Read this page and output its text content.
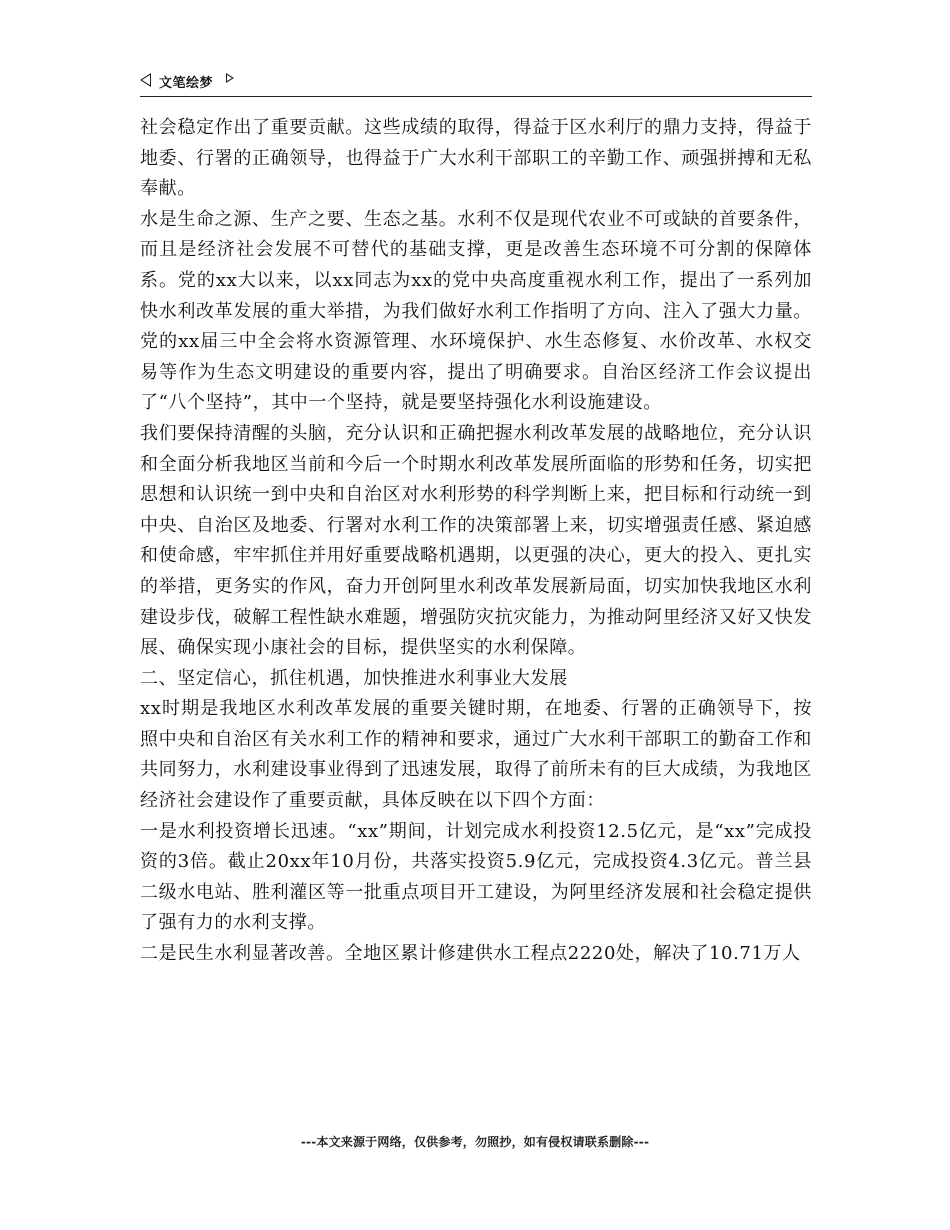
文笔绘梦

社会稳定作出了重要贡献。这些成绩的取得，得益于区水利厅的鼎力支持，得益于地委、行署的正确领导，也得益于广大水利干部职工的辛勤工作、顽强拼搏和无私奉献。

水是生命之源、生产之要、生态之基。水利不仅是现代农业不可或缺的首要条件，而且是经济社会发展不可替代的基础支撑，更是改善生态环境不可分割的保障体系。党的xx大以来，以xx同志为xx的党中央高度重视水利工作，提出了一系列加快水利改革发展的重大举措，为我们做好水利工作指明了方向、注入了强大力量。党的xx届三中全会将水资源管理、水环境保护、水生态修复、水价改革、水权交易等作为生态文明建设的重要内容，提出了明确要求。自治区经济工作会议提出了“八个坚持”，其中一个坚持，就是要坚持强化水利设施建设。

我们要保持清醒的头脑，充分认识和正确把握水利改革发展的战略地位，充分认识和全面分析我地区当前和今后一个时期水利改革发展所面临的形势和任务，切实把思想和认识统一到中央和自治区对水利形势的科学判断上来，把目标和行动统一到中央、自治区及地委、行署对水利工作的决策部署上来，切实增强责任感、紧迫感和使命感，牢牢抓住并用好重要战略机遇期，以更强的决心，更大的投入、更扎实的举措，更务实的作风，奋力开创阿里水利改革发展新局面，切实加快我地区水利建设步伐，破解工程性缺水难题，增强防灾抗灾能力，为推动阿里经济又好又快发展、确保实现小康社会的目标，提供坚实的水利保障。

二、坚定信心，抓住机遇，加快推进水利事业大发展

xx时期是我地区水利改革发展的重要关键时期，在地委、行署的正确领导下，按照中央和自治区有关水利工作的精神和要求，通过广大水利干部职工的勤奋工作和共同努力，水利建设事业得到了迅速发展，取得了前所未有的巨大成绩，为我地区经济社会建设作了重要贡献，具体反映在以下四个方面：

一是水利投资增长迅速。“xx”期间，计划完成水利投资12.5亿元，是“xx”完成投资的3倍。截止20xx年10月份，共落实投资5.9亿元，完成投资4.3亿元。普兰县二级水电站、胜利灌区等一批重点项目开工建设，为阿里经济发展和社会稳定提供了强有力的水利支撑。

二是民生水利显著改善。全地区累计修建供水工程点2220处，解决了10.71万人

---本文来源于网络，仅供参考，勿照抄，如有侵权请联系删除---
